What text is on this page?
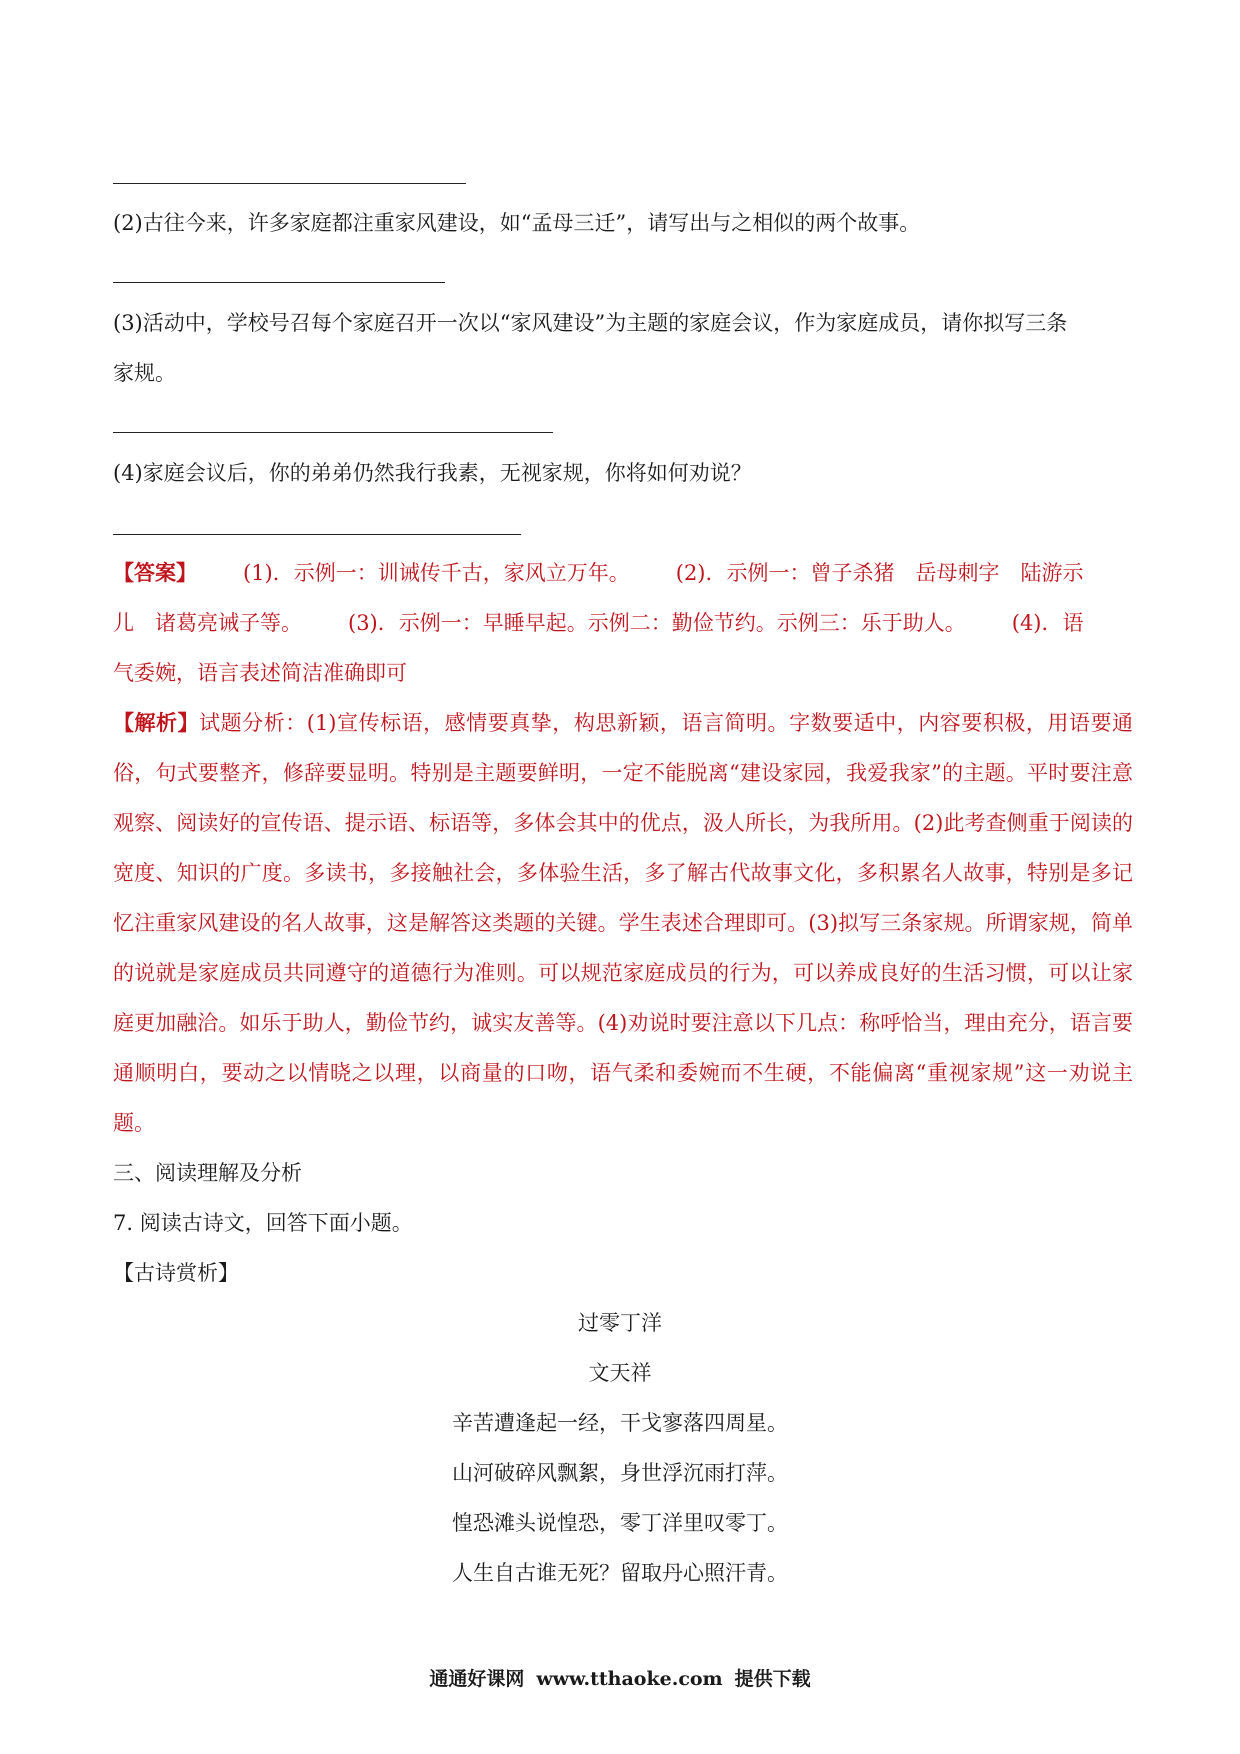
(2)古往今来，许多家庭都注重家风建设，如“孟母三迁”，请写出与之相似的两个故事。
(3)活动中，学校号召每个家庭召开一次以“家风建设”为主题的家庭会议，作为家庭成员，请你拟写三条
家规。
(4)家庭会议后，你的弟弟仍然我行我素，无视家规，你将如何劝说？
【答案】 (1)．示例一：训诫传千古，家风立万年。 (2)．示例一：曾子杀猪　岳母刺字　陆游示
儿　诸葛亮诫子等。 (3)．示例一：早睡早起。示例二：勤俭节约。示例三：乐于助人。 (4)．语
气委婉，语言表述简洁准确即可
【解析】试题分析：(1)宣传标语，感情要真挚，构思新颖，语言简明。字数要适中，内容要积极，用语要通俗，句式要整齐，修辞要显明。特别是主题要鲜明，一定不能脱离“建设家园，我爱我家”的主题。平时要注意观察、阅读好的宣传语、提示语、标语等，多体会其中的优点，汲人所长，为我所用。(2)此考查侧重于阅读的宽度、知识的广度。多读书，多接触社会，多体验生活，多了解古代故事文化，多积累名人故事，特别是多记忆注重家风建设的名人故事，这是解答这类题的关键。学生表述合理即可。(3)拟写三条家规。所谓家规，简单的说就是家庭成员共同遵守的道德行为准则。可以规范家庭成员的行为，可以养成良好的生活习惯，可以让家庭更加融洽。如乐于助人，勤俭节约，诚实友善等。(4)劝说时要注意以下几点：称呼恰当，理由充分，语言要通顺明白，要动之以情晓之以理，以商量的口吻，语气柔和委婉而不生硬，不能偏离“重视家规”这一劝说主题。
三、阅读理解及分析
7. 阅读古诗文，回答下面小题。
【古诗赏析】
过零丁洋
文天祥
辛苦遭逢起一经，干戈寥落四周星。
山河破碎风飘絮，身世浮沉雨打萍。
惶恐滩头说惶恐，零丁洋里叹零丁。
人生自古谁无死？留取丹心照汗青。
通通好课网 www.tthaoke.com 提供下载
